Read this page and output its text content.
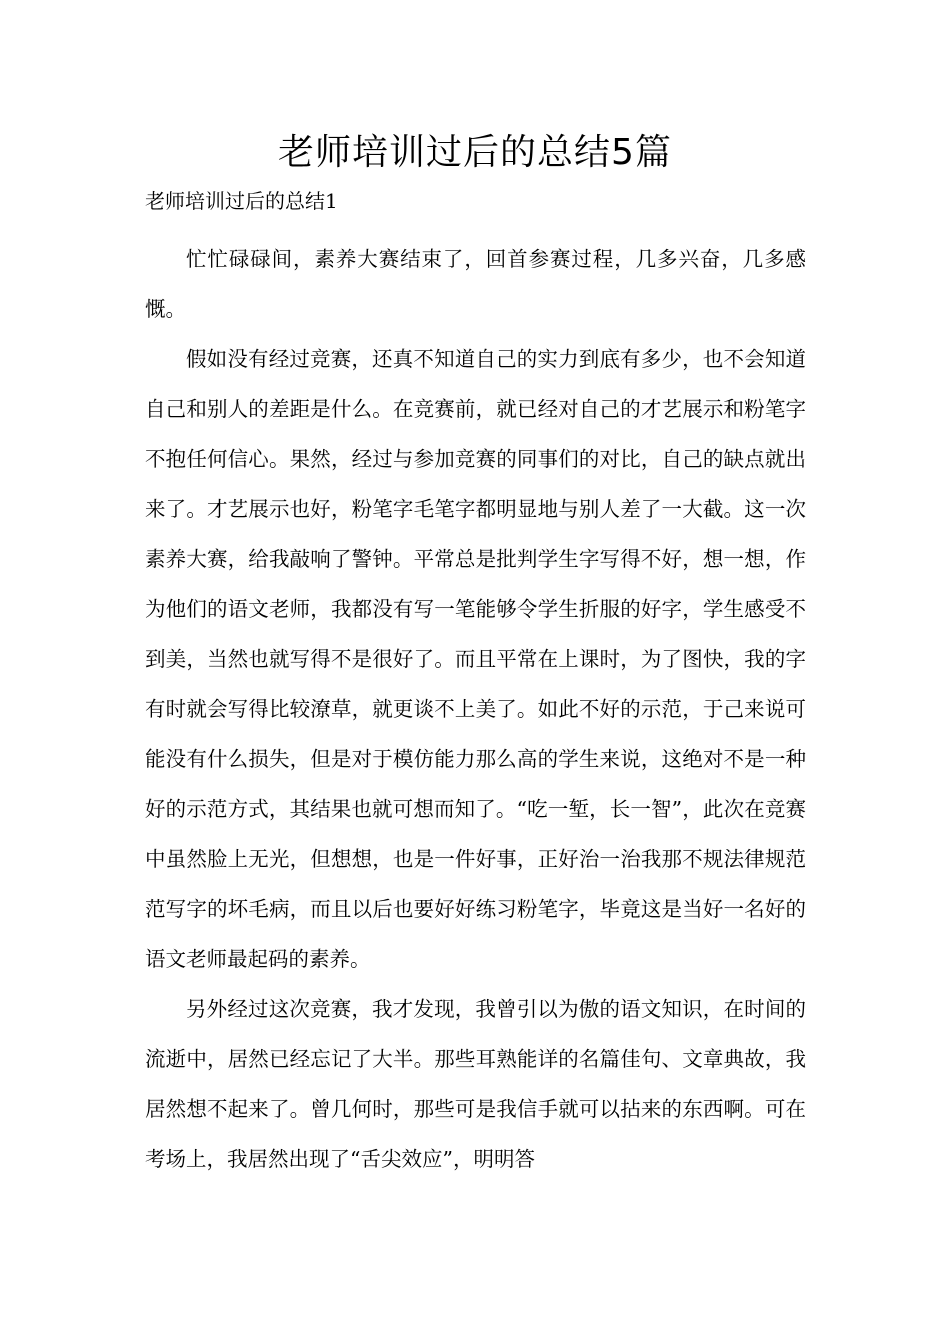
老师培训过后的总结5篇
老师培训过后的总结1

忙忙碌碌间，素养大赛结束了，回首参赛过程，几多兴奋，几多感慨。

假如没有经过竞赛，还真不知道自己的实力到底有多少，也不会知道自己和别人的差距是什么。在竞赛前，就已经对自己的才艺展示和粉笔字不抱任何信心。果然，经过与参加竞赛的同事们的对比，自己的缺点就出来了。才艺展示也好，粉笔字毛笔字都明显地与别人差了一大截。这一次素养大赛，给我敲响了警钟。平常总是批判学生字写得不好，想一想，作为他们的语文老师，我都没有写一笔能够令学生折服的好字，学生感受不到美，当然也就写得不是很好了。而且平常在上课时，为了图快，我的字有时就会写得比较潦草，就更谈不上美了。如此不好的示范，于己来说可能没有什么损失，但是对于模仿能力那么高的学生来说，这绝对不是一种好的示范方式，其结果也就可想而知了。“吃一堑，长一智”，此次在竞赛中虽然脸上无光，但想想，也是一件好事，正好治一治我那不规法律规范范写字的坏毛病，而且以后也要好好练习粉笔字，毕竟这是当好一名好的语文老师最起码的素养。

另外经过这次竞赛，我才发现，我曾引以为傲的语文知识，在时间的流逝中，居然已经忘记了大半。那些耳熟能详的名篇佳句、文章典故，我居然想不起来了。曾几何时，那些可是我信手就可以拈来的东西啊。可在考场上，我居然出现了“舌尖效应”，明明答
